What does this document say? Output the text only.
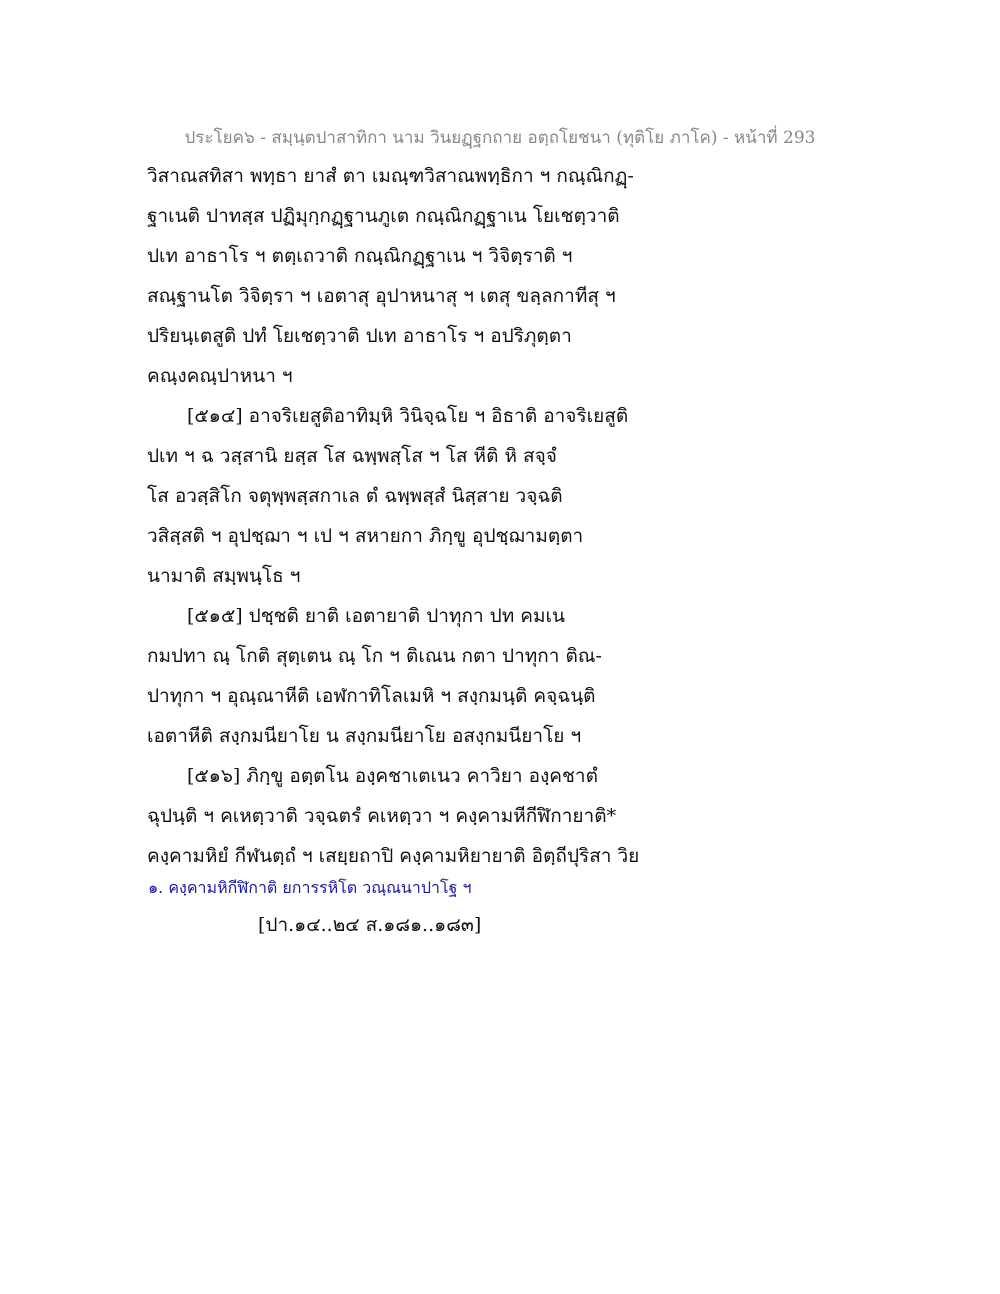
ประโยค๖ - สมฺนฺตปาสาทิกา นาม วินยฏฺฐกถาย อตฺถโยชนา (ทุติโย ภาโค) - หน้าที่ 293
วิสาณสทิสา พทฺธา ยาสํ ตา เมณฺฑวิสาณพทฺธิกา ฯ กณฺณิกฏฺ-
ฐาเนติ ปาทสฺส ปฏิมุกฺกฏฺฐานภูเต กณฺณิกฏฺฐาเน โยเชตฺวาติ
ปเท อาธาโร ฯ ตตฺเถวาติ กณฺณิกฏฺฐาเน ฯ วิจิตฺราติ ฯ
สณฺฐานโต วิจิตฺรา ฯ เอตาสุ อุปาหนาสุ ฯ เตสุ ขลฺลกาทีสุ ฯ
ปริยนฺเตสูติ ปทํ โยเชตฺวาติ ปเท อาธาโร ฯ อปริภุตฺตา
คณฺงคณฺปาหนา ฯ
[๕๑๔] อาจริเยสูติอาทิมฺหิ วินิจฺฉโย ฯ อิธาติ อาจริเยสูติ
ปเท ฯ ฉ วสฺสานิ ยสฺส โส ฉพฺพสฺโส ฯ โส หีติ หิ สจฺจํ
โส อวสฺสิโก จตุพฺพสฺสกาเล ตํ ฉพฺพสฺสํ นิสฺสาย วจฺฉติ
วสิสฺสติ ฯ อุปชฺฌา ฯ เป ฯ สหายกา ภิกฺขู อุปชฺฌามตฺตา
นามาติ สมฺพนฺโธ ฯ
[๕๑๕] ปชฺชติ ยาติ เอตายาติ ปาทุกา ปท คมเน
กมปทา ณฺ โกติ สุตฺเตน ณฺ โก ฯ ติเณน กตา ปาทุกา ติณ-
ปาทุกา ฯ อุณฺณาหีติ เอฬกาทิโลเมหิ ฯ สงฺกมนฺติ คจฺฉนฺติ
เอตาหีติ สงฺกมนียาโย น สงฺกมนียาโย อสงฺกมนียาโย ฯ
[๕๑๖] ภิกฺขู อตฺตโน องฺคชาเตเนว คาวิยา องฺคชาตํ
ฉุปนฺติ ฯ คเหตฺวาติ วจฺฉตรํ คเหตฺวา ฯ คงฺคามหีกีฬิกายาติ*
คงฺคามหิยํ กีฬนตฺถํ ฯ เสยฺยถาปิ คงฺคามหิยายาติ อิตฺถีปุริสา วิย
๑. คงฺคามหิกีฬิกาติ ยการรหิโต วณฺณนาปาโฐ ฯ
[ปา.๑๔..๒๔ ส.๑๘๑..๑๘๓]
